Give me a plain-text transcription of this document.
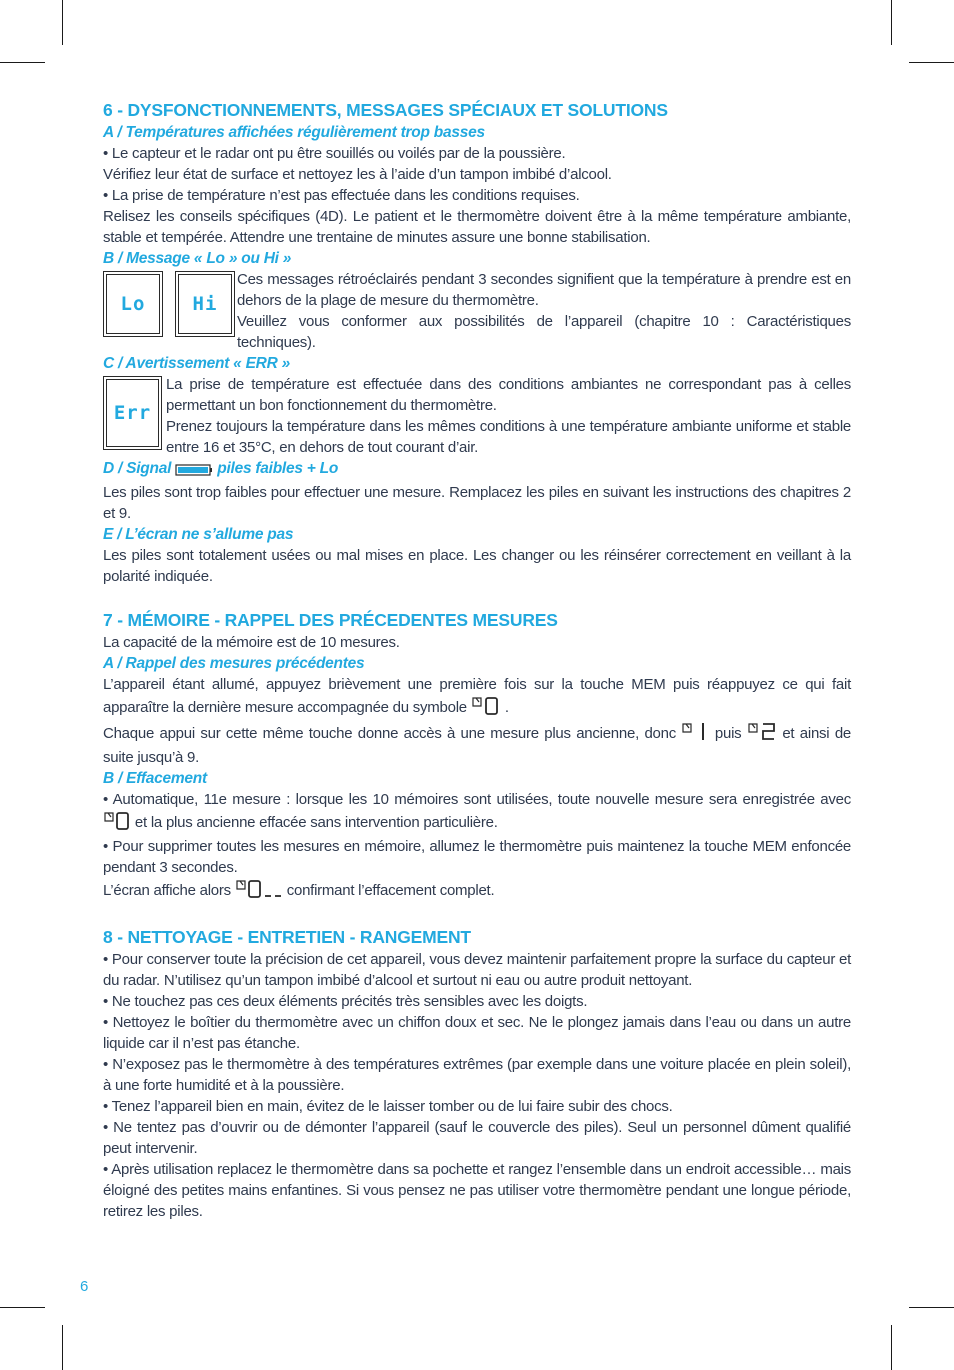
6 - DYSFONCTIONNEMENTS, MESSAGES SPÉCIAUX ET SOLUTIONS
A / Températures affichées régulièrement trop basses

• Le capteur et le radar ont pu être souillés ou voilés par de la poussière.

Vérifiez leur état de surface et nettoyez les à l’aide d’un tampon imbibé d’alcool.

• La prise de température n’est pas effectuée dans les conditions requises.

Relisez les conseils spécifiques (4D). Le patient et le thermomètre doivent être à la même température ambiante, stable et tempérée. Attendre une trentaine de minutes assure une bonne stabilisation.

B / Message « Lo » ou Hi »
Lo Hi

Ces messages rétroéclairés pendant 3 secondes signifient que la température à prendre est en dehors de la plage de mesure du thermomètre.

Veuillez vous conformer aux possibilités de l’appareil (chapitre 10 : Caractéristiques techniques).

C / Avertissement « ERR »
Err

La prise de température est effectuée dans des conditions ambiantes ne correspondant pas à celles permettant un bon fonctionnement du thermomètre.

Prenez toujours la température dans les mêmes conditions à une température ambiante uniforme et stable entre 16 et 35°C, en dehors de tout courant d’air.

D / Signal	piles faibles + Lo

Les piles sont trop faibles pour effectuer une mesure. Remplacez les piles en suivant les instructions des chapitres 2 et 9.

E / L’écran ne s’allume pas

Les piles sont totalement usées ou mal mises en place. Les changer ou les réinsérer correctement en veillant à la polarité indiquée.

7 - MÉMOIRE - RAPPEL DES PRÉCEDENTES MESURES

La capacité de la mémoire est de 10 mesures.

A / Rappel des mesures précédentes

L’appareil étant allumé, appuyez brièvement une première fois sur la touche MEM puis réappuyez ce qui fait apparaître la dernière mesure accompagnée du symbole	.

Chaque appui sur cette même touche donne accès à une mesure plus ancienne, donc	puis	et ainsi de suite jusqu’à 9.

B / Effacement

• Automatique, 11e mesure : lorsque les 10 mémoires sont utilisées, toute nouvelle mesure sera enregistrée avec  et la plus ancienne effacée sans intervention particulière.

• Pour supprimer toutes les mesures en mémoire, allumez le thermomètre puis maintenez la touche MEM enfoncée pendant 3 secondes.

L’écran affiche alors	confirmant l’effacement complet.

8 - NETTOYAGE - ENTRETIEN - RANGEMENT

• Pour conserver toute la précision de cet appareil, vous devez maintenir parfaitement propre la surface du capteur et du radar. N’utilisez qu’un tampon imbibé d’alcool et surtout ni eau ou autre produit nettoyant.

• Ne touchez pas ces deux éléments précités très sensibles avec les doigts.

• Nettoyez le boîtier du thermomètre avec un chiffon doux et sec. Ne le plongez jamais dans l’eau ou dans un autre liquide car il n’est pas étanche.

• N’exposez pas le thermomètre à des températures extrêmes (par exemple dans une voiture placée en plein soleil), à une forte humidité et à la poussière.

• Tenez l’appareil bien en main, évitez de le laisser tomber ou de lui faire subir des chocs.

• Ne tentez pas d’ouvrir ou de démonter l’appareil (sauf le couvercle des piles). Seul un personnel dûment qualifié peut intervenir.

• Après utilisation replacez le thermomètre dans sa pochette et rangez l’ensemble dans un endroit accessible… mais éloigné des petites mains enfantines. Si vous pensez ne pas utiliser votre thermomètre pendant une longue période, retirez les piles.

6
